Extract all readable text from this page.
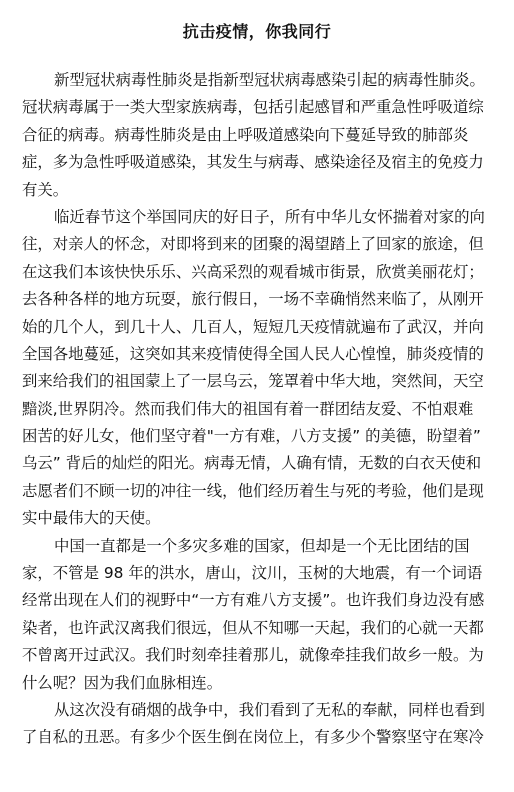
抗击疫情，你我同行
新型冠状病毒性肺炎是指新型冠状病毒感染引起的病毒性肺炎。
冠状病毒属于一类大型家族病毒，包括引起感冒和严重急性呼吸道综
合征的病毒。病毒性肺炎是由上呼吸道感染向下蔓延导致的肺部炎
症，多为急性呼吸道感染，其发生与病毒、感染途径及宿主的免疫力
有关。
临近春节这个举国同庆的好日子，所有中华儿女怀揣着对家的向
往，对亲人的怀念，对即将到来的团聚的渴望踏上了回家的旅途，但
在这我们本该快快乐乐、兴高采烈的观看城市街景，欣赏美丽花灯；
去各种各样的地方玩耍，旅行假日，一场不幸确悄然来临了，从刚开
始的几个人，到几十人、几百人，短短几天疫情就遍布了武汉，并向
全国各地蔓延，这突如其来疫情使得全国人民人心惶惶，肺炎疫情的
到来给我们的祖国蒙上了一层乌云，笼罩着中华大地，突然间，天空
黯淡,世界阴冷。然而我们伟大的祖国有着一群团结友爱、不怕艰难
困苦的好儿女，他们坚守着"一方有难，八方支援” 的美德，盼望着”
乌云” 背后的灿烂的阳光。病毒无情，人确有情，无数的白衣天使和
志愿者们不顾一切的冲往一线，他们经历着生与死的考验，他们是现
实中最伟大的天使。
中国一直都是一个多灾多难的国家，但却是一个无比团结的国
家，不管是 98 年的洪水，唐山，汶川，玉树的大地震，有一个词语
经常出现在人们的视野中“一方有难八方支援”。也许我们身边没有感
染者，也许武汉离我们很远，但从不知哪一天起，我们的心就一天都
不曾离开过武汉。我们时刻牵挂着那儿，就像牵挂我们故乡一般。为
什么呢？因为我们血脉相连。
从这次没有硝烟的战争中，我们看到了无私的奉献，同样也看到
了自私的丑恶。有多少个医生倒在岗位上，有多少个警察坚守在寒冷
